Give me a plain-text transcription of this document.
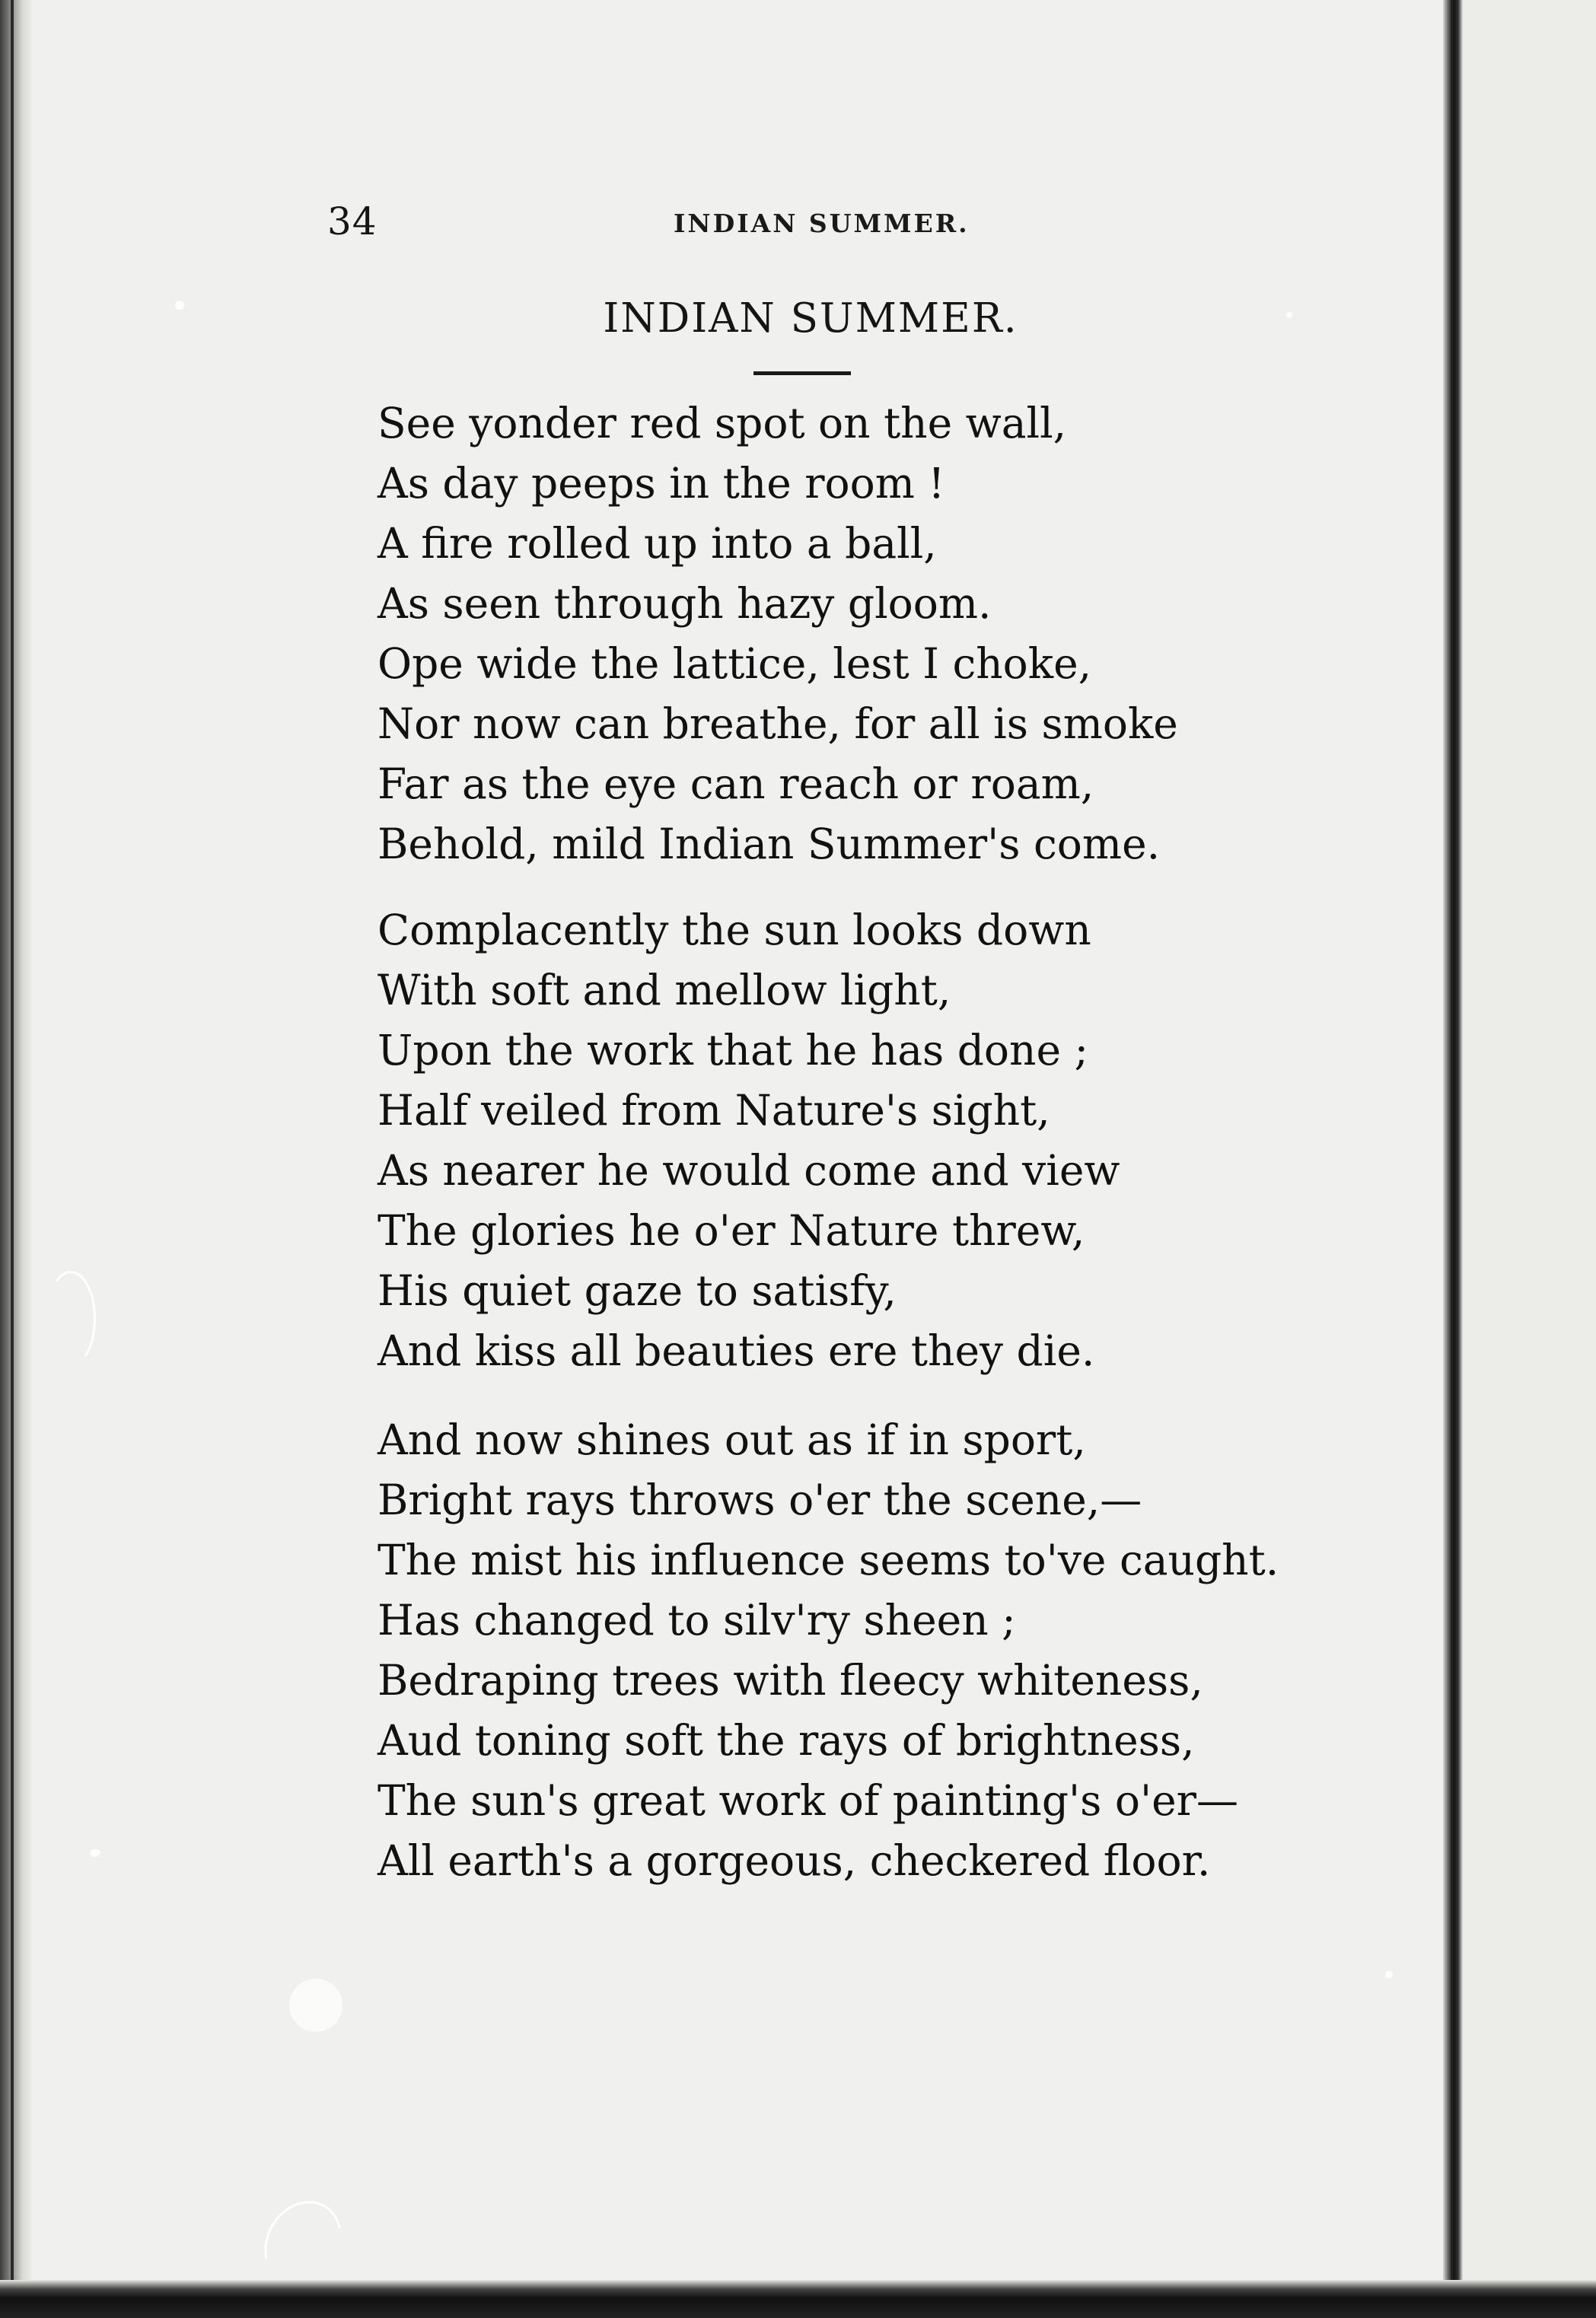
34	INDIAN SUMMER.
INDIAN SUMMER.
See yonder red spot on the wall,
As day peeps in the room !
A fire rolled up into a ball,
As seen through hazy gloom.
Ope wide the lattice, lest I choke,
Nor now can breathe, for all is smoke
Far as the eye can reach or roam,
Behold, mild Indian Summer's come.
Complacently the sun looks down
With soft and mellow light,
Upon the work that he has done ;
Half veiled from Nature's sight,
As nearer he would come and view
The glories he o'er Nature threw,
His quiet gaze to satisfy,
And kiss all beauties ere they die.
And now shines out as if in sport,
Bright rays throws o'er the scene,—
The mist his influence seems to've caught.
Has changed to silv'ry sheen ;
Bedraping trees with fleecy whiteness,
Aud toning soft the rays of brightness,
The sun's great work of painting's o'er—
All earth's a gorgeous, checkered floor.
